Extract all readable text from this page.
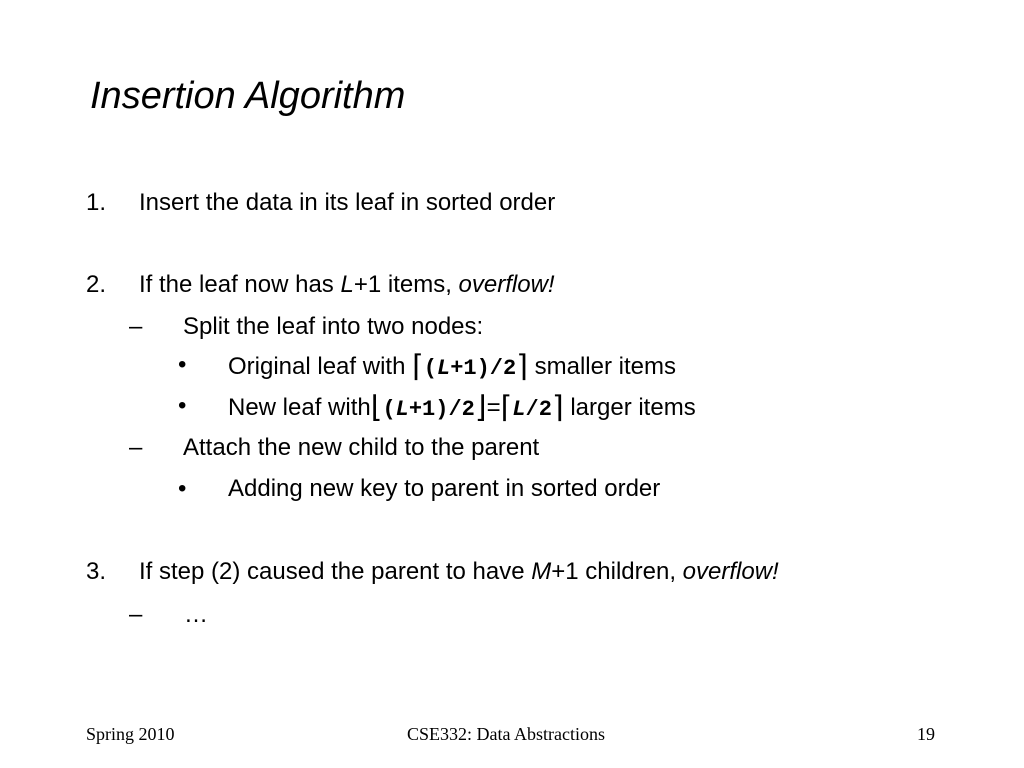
Insertion Algorithm
1. Insert the data in its leaf in sorted order
2. If the leaf now has L+1 items, overflow!
– Split the leaf into two nodes:
• Original leaf with ⌈(L+1)/2⌉ smaller items
• New leaf with⌊(L+1)/2⌋=⌈L/2⌉ larger items
– Attach the new child to the parent
• Adding new key to parent in sorted order
3. If step (2) caused the parent to have M+1 children, overflow!
– …
Spring 2010	CSE332: Data Abstractions	19
